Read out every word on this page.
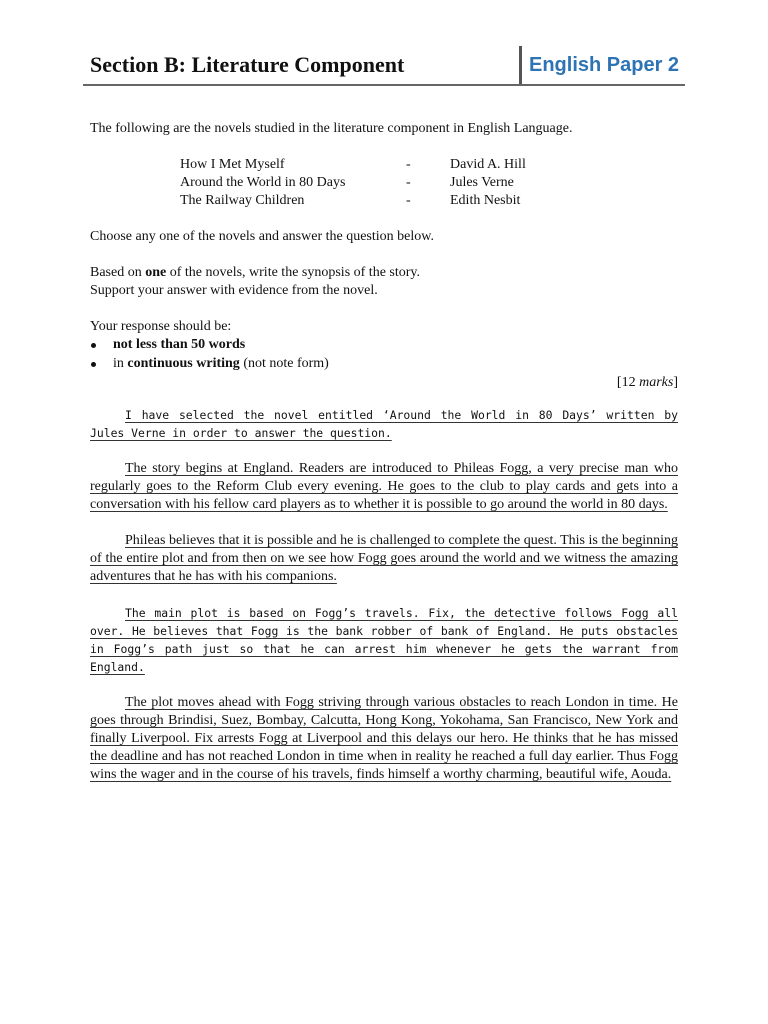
Section B: Literature Component	English Paper 2

The following are the novels studied in the literature component in English Language.

How I Met Myself	-	David A. Hill
Around the World in 80 Days	-	Jules Verne
The Railway Children	-	Edith Nesbit

Choose any one of the novels and answer the question below.

Based on one of the novels, write the synopsis of the story.

Support your answer with evidence from the novel.

Your response should be:

not less than 50 words
in continuous writing (not note form)

[12 marks]

I have selected the novel entitled ‘Around the World in 80 Days’ written by Jules Verne in order to answer the question.

The story begins at England. Readers are introduced to Phileas Fogg, a very precise man who regularly goes to the Reform Club every evening. He goes to the club to play cards and gets into a conversation with his fellow card players as to whether it is possible to go around the world in 80 days.

Phileas believes that it is possible and he is challenged to complete the quest. This is the beginning of the entire plot and from then on we see how Fogg goes around the world and we witness the amazing adventures that he has with his companions.

The main plot is based on Fogg’s travels. Fix, the detective follows Fogg all over. He believes that Fogg is the bank robber of bank of England. He puts obstacles in Fogg’s path just so that he can arrest him whenever he gets the warrant from England.

The plot moves ahead with Fogg striving through various obstacles to reach London in time. He goes through Brindisi, Suez, Bombay, Calcutta, Hong Kong, Yokohama, San Francisco, New York and finally Liverpool. Fix arrests Fogg at Liverpool and this delays our hero. He thinks that he has missed the deadline and has not reached London in time when in reality he reached a full day earlier. Thus Fogg wins the wager and in the course of his travels, finds himself a worthy charming, beautiful wife, Aouda.
